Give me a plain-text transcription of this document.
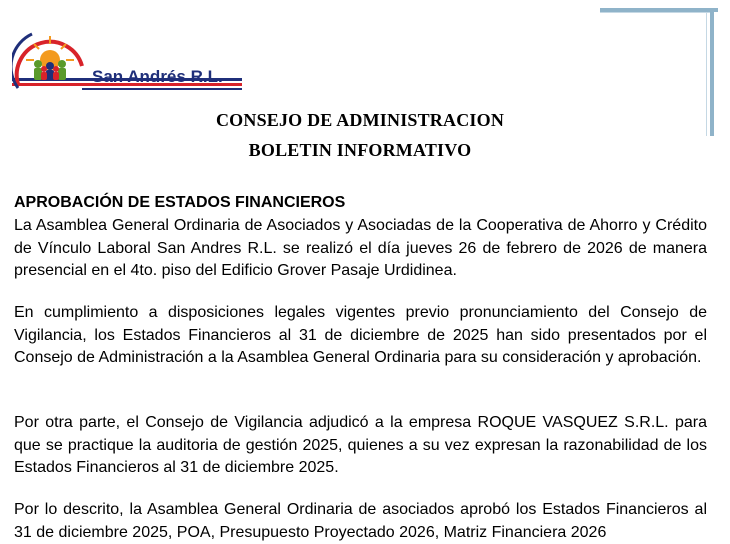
San Andrés R.L.
CONSEJO DE ADMINISTRACION
BOLETIN INFORMATIVO
APROBACIÓN DE ESTADOS FINANCIEROS
La Asamblea General Ordinaria de Asociados y Asociadas de la Cooperativa de Ahorro y Crédito de Vínculo Laboral San Andres R.L. se realizó el día jueves 26 de febrero de 2026 de manera presencial en el 4to. piso del Edificio Grover Pasaje Urdidinea.
En cumplimiento a disposiciones legales vigentes previo pronunciamiento del Consejo de Vigilancia, los Estados Financieros al 31 de diciembre de 2025 han sido presentados por el Consejo de Administración a la Asamblea General Ordinaria para su consideración y aprobación.
Por otra parte, el Consejo de Vigilancia adjudicó a la empresa ROQUE VASQUEZ S.R.L. para que se practique la auditoria de gestión 2025, quienes a su vez expresan la razonabilidad de los Estados Financieros al 31 de diciembre 2025.
Por lo descrito, la Asamblea General Ordinaria de asociados aprobó los Estados Financieros al 31 de diciembre 2025, POA, Presupuesto Proyectado 2026, Matriz Financiera 2026
